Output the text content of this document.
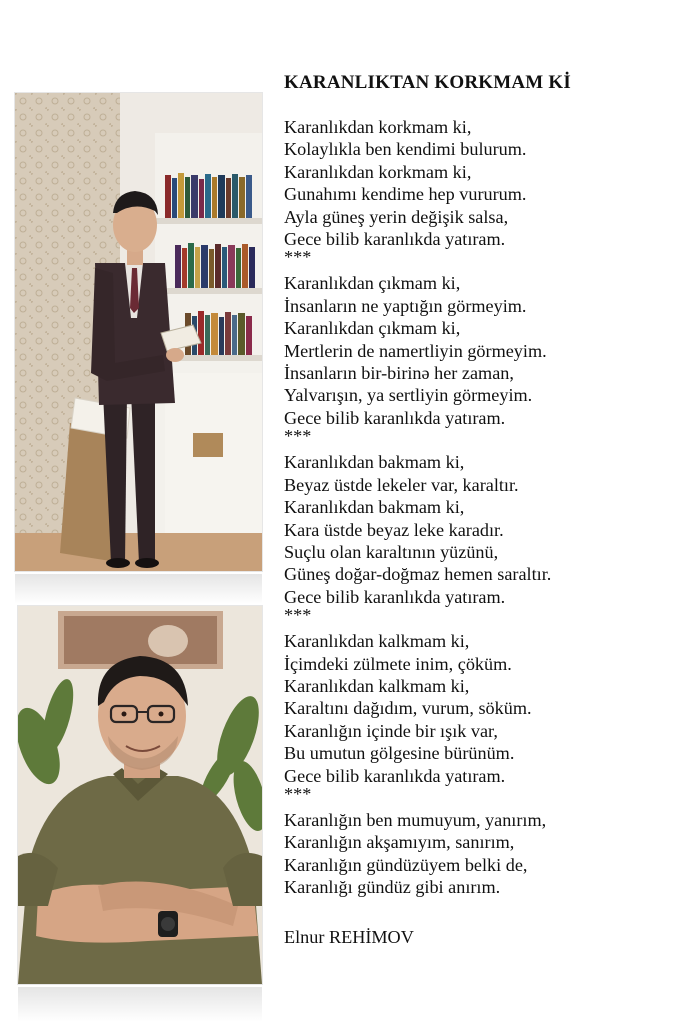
KARANLIKTAN KORKMAM Kİ
Karanlıkdan korkmam ki,
Kolaylıkla ben kendimi bulurum.
Karanlıkdan korkmam ki,
Gunahımı kendime hep vururum.
Ayla güneş yerin değişik salsa,
Gece bilib karanlıkda yatıram.
***
Karanlıkdan çıkmam ki,
İnsanların ne yaptığın görmeyim.
Karanlıkdan çıkmam ki,
Mertlerin de namertliyin görmeyim.
İnsanların bir-birinə her zaman,
Yalvarışın, ya sertliyin görmeyim.
Gece bilib karanlıkda yatıram.
***
Karanlıkdan bakmam ki,
Beyaz üstde lekeler var, karaltır.
Karanlıkdan bakmam ki,
Kara üstde beyaz leke karadır.
Suçlu olan karaltının yüzünü,
Güneş doğar-doğmaz hemen saraltır.
Gece bilib karanlıkda yatıram.
***
Karanlıkdan kalkmam ki,
İçimdeki zülmete inim, çöküm.
Karanlıkdan kalkmam ki,
Karaltını dağıdım, vurum, söküm.
Karanlığın içinde bir ışık var,
Bu umutun gölgesine bürünüm.
Gece bilib karanlıkda yatıram.
***
Karanlığın ben mumuyum, yanırım,
Karanlığın akşamıyım, sanırım,
Karanlığın gündüzüyem belki de,
Karanlığı gündüz gibi anırım.
Elnur REHİMOV
